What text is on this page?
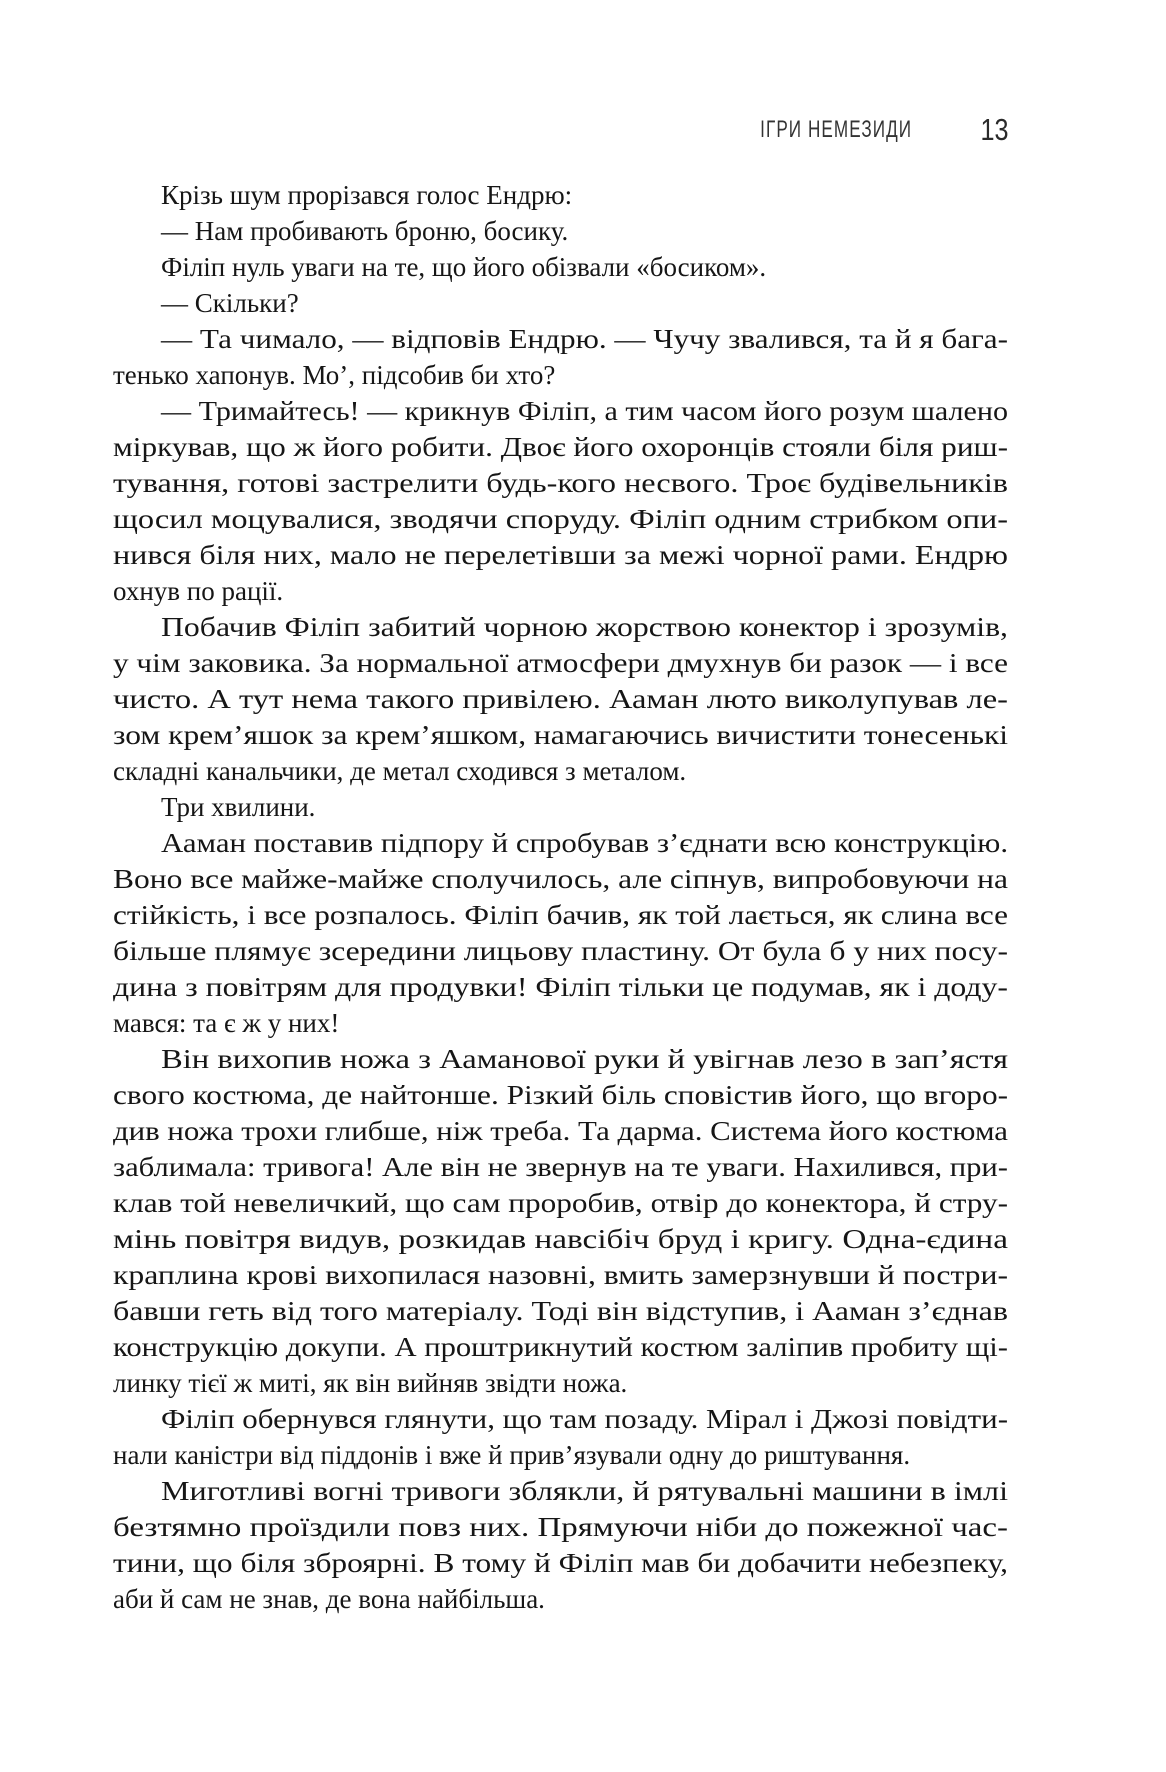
ІГРИ НЕМЕЗИДИ 13
Крізь шум прорізався голос Ендрю:
— Нам пробивають броню, босику.
Філіп нуль уваги на те, що його обізвали «босиком».
— Скільки?
— Та чимало, — відповів Ендрю. — Чучу звалився, та й я бага-
тенько хапонув. Мо’, підсобив би хто?
— Тримайтесь! — крикнув Філіп, а тим часом його розум шалено
міркував, що ж його робити. Двоє його охоронців стояли біля риш-
тування, готові застрелити будь-кого несвого. Троє будівельників
щосил моцувалися, зводячи споруду. Філіп одним стрибком опи-
нився біля них, мало не перелетівши за межі чорної рами. Ендрю
охнув по рації.
Побачив Філіп забитий чорною жорствою конектор і зрозумів,
у чім заковика. За нормальної атмосфери дмухнув би разок — і все
чисто. А тут нема такого привілею. Ааман люто виколупував ле-
зом крем’яшок за крем’яшком, намагаючись вичистити тонесенькі
складні канальчики, де метал сходився з металом.
Три хвилини.
Ааман поставив підпору й спробував з’єднати всю конструкцію.
Воно все майже-майже сполучилось, але сіпнув, випробовуючи на
стійкість, і все розпалось. Філіп бачив, як той лається, як слина все
більше плямує зсередини лицьову пластину. От була б у них посу-
дина з повітрям для продувки! Філіп тільки це подумав, як і доду-
мався: та є ж у них!
Він вихопив ножа з Ааманової руки й увігнав лезо в зап’ястя
свого костюма, де найтонше. Різкий біль сповістив його, що вгоро-
див ножа трохи глибше, ніж треба. Та дарма. Система його костюма
заблимала: тривога! Але він не звернув на те уваги. Нахилився, при-
клав той невеличкий, що сам проробив, отвір до конектора, й стру-
мінь повітря видув, розкидав навсібіч бруд і кригу. Одна-єдина
краплина крові вихопилася назовні, вмить замерзнувши й постри-
бавши геть від того матеріалу. Тоді він відступив, і Ааман з’єднав
конструкцію докупи. А проштрикнутий костюм заліпив пробиту щі-
линку тієї ж миті, як він вийняв звідти ножа.
Філіп обернувся глянути, що там позаду. Мірал і Джозі повідти-
нали каністри від піддонів і вже й прив’язували одну до риштування.
Миготливі вогні тривоги зблякли, й рятувальні машини в імлі
безтямно проїздили повз них. Прямуючи ніби до пожежної час-
тини, що біля зброярні. В тому й Філіп мав би добачити небезпеку,
аби й сам не знав, де вона найбільша.
